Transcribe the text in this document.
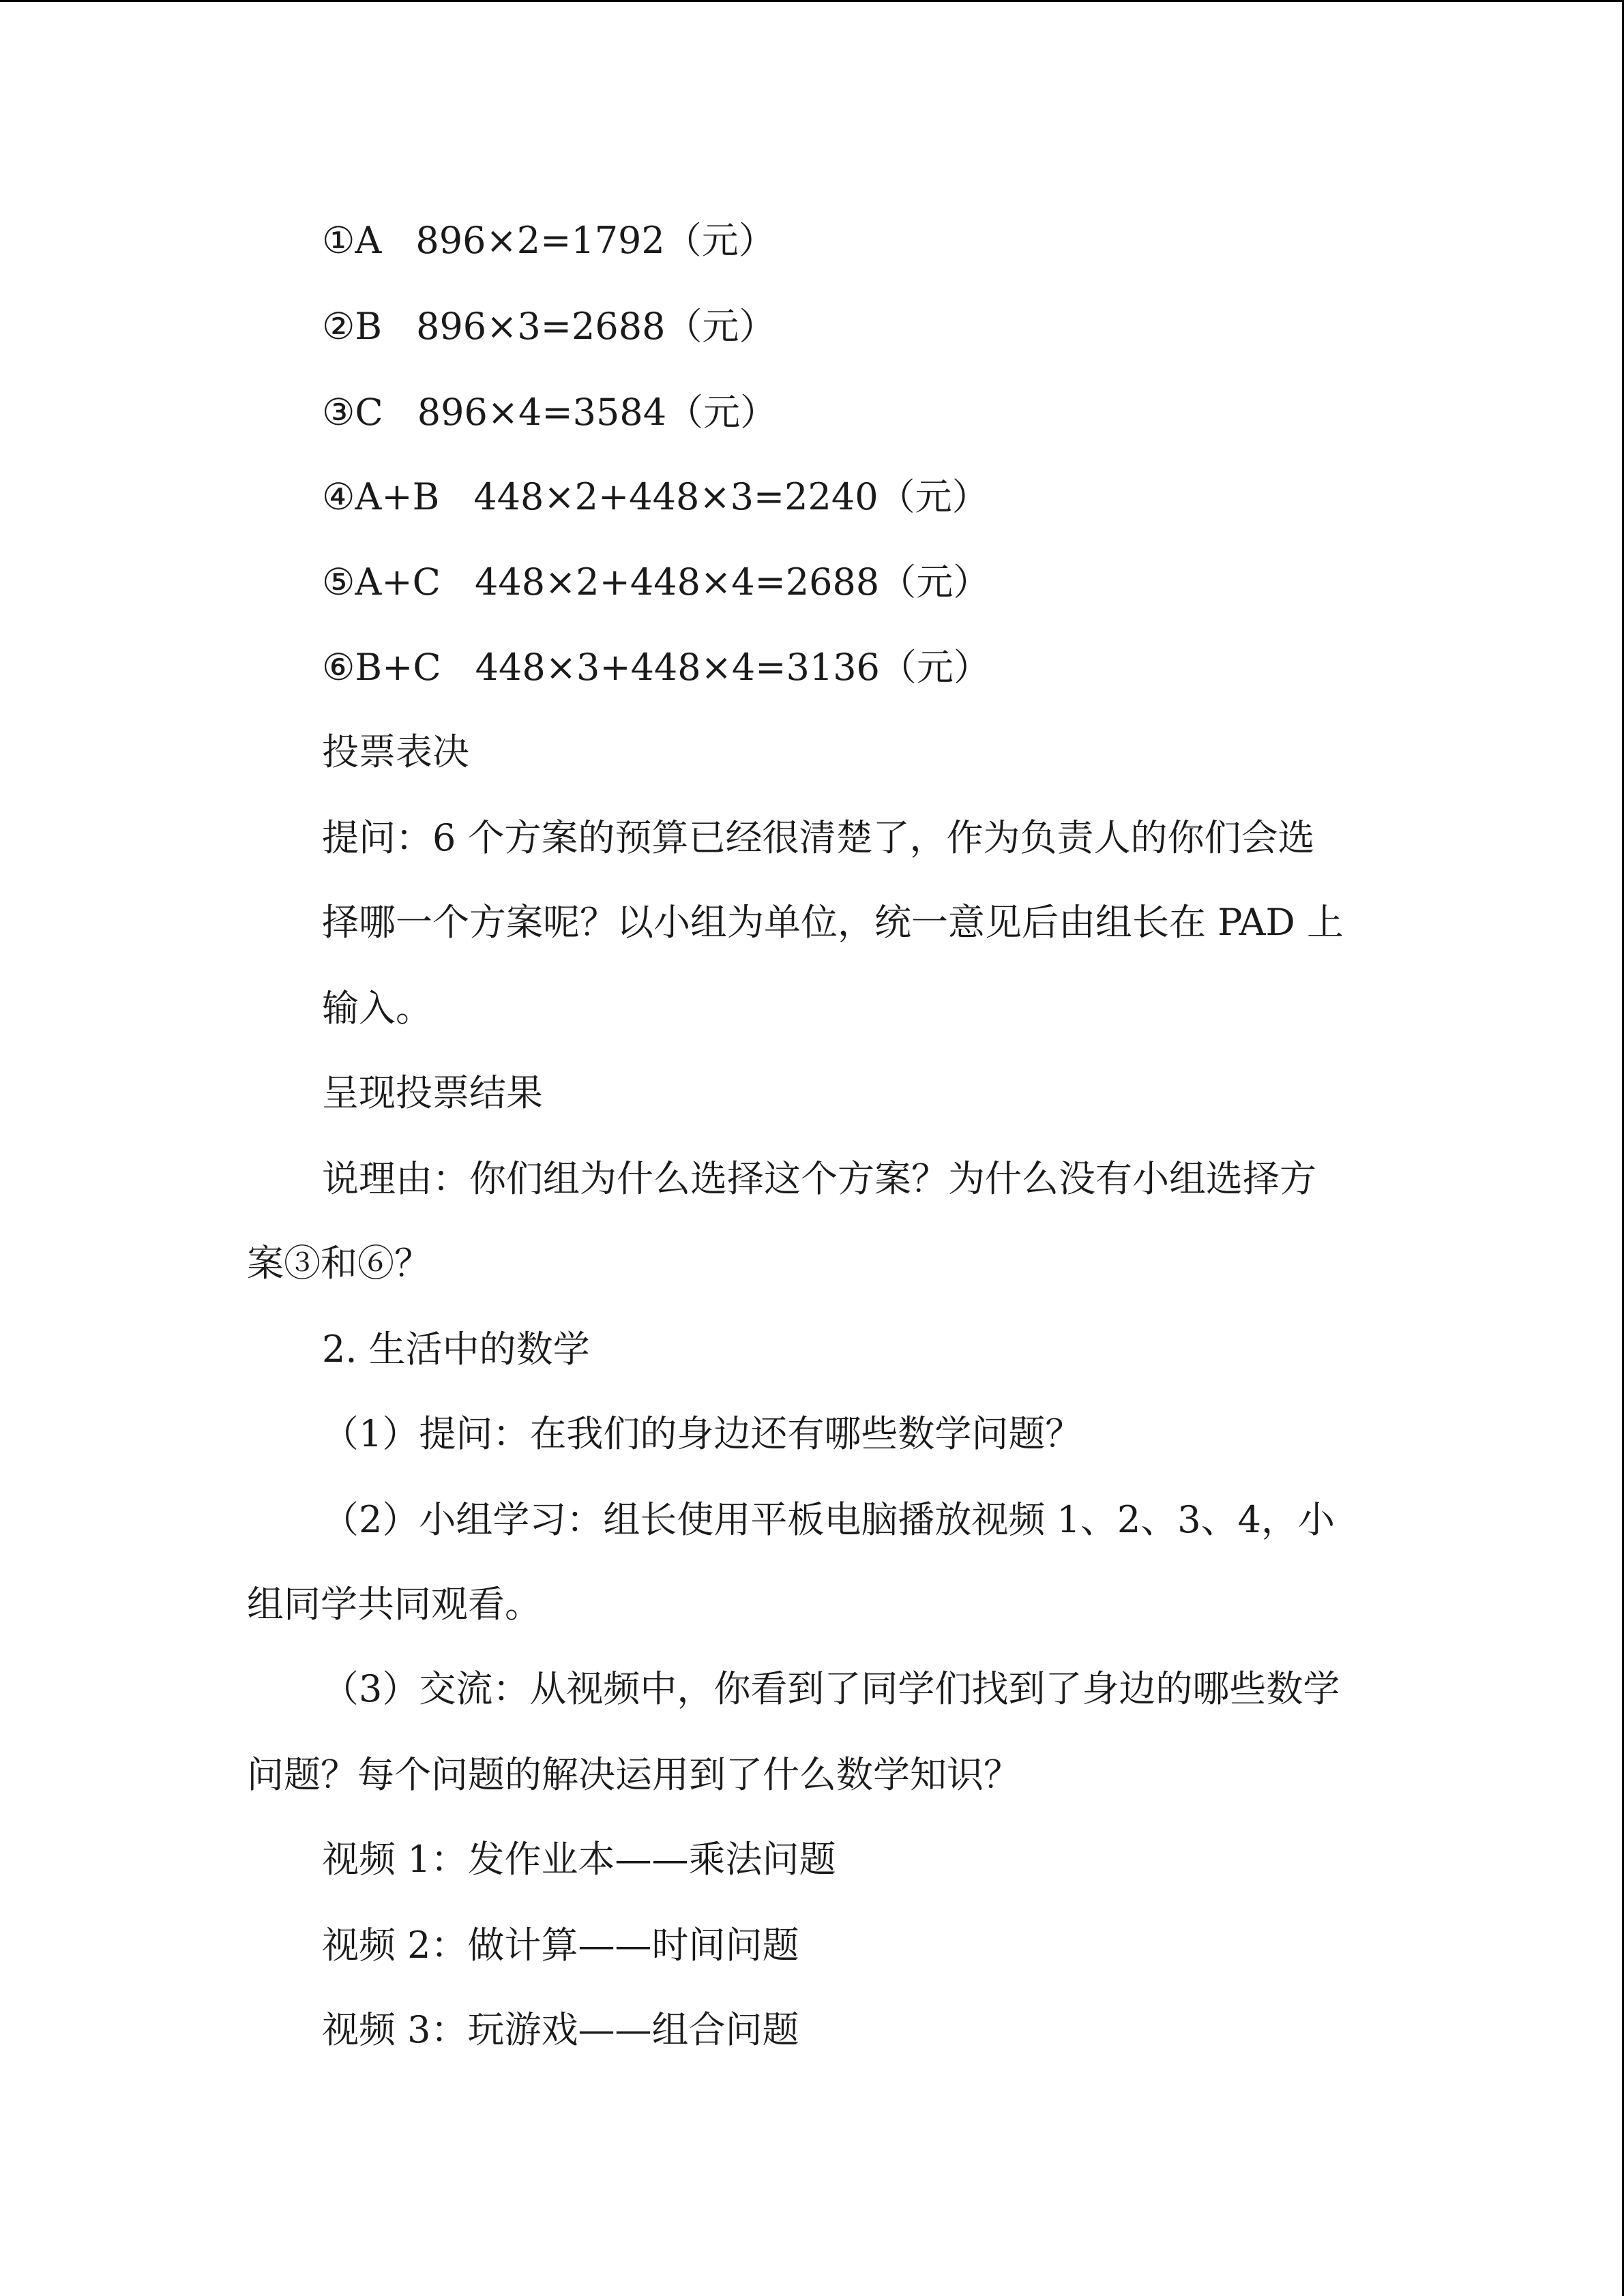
①A 896×2=1792（元）
②B 896×3=2688（元）
③C 896×4=3584（元）
④A+B 448×2+448×3=2240（元）
⑤A+C 448×2+448×4=2688（元）
⑥B+C 448×3+448×4=3136（元）
投票表决
提问：6 个方案的预算已经很清楚了，作为负责人的你们会选
择哪一个方案呢？以小组为单位，统一意见后由组长在 PAD 上
输入。
呈现投票结果
说理由：你们组为什么选择这个方案？为什么没有小组选择方
案③和⑥？
2. 生活中的数学
（1）提问：在我们的身边还有哪些数学问题？
（2）小组学习：组长使用平板电脑播放视频 1、2、3、4，小
组同学共同观看。
（3）交流：从视频中，你看到了同学们找到了身边的哪些数学
问题？每个问题的解决运用到了什么数学知识？
视频 1：发作业本——乘法问题
视频 2：做计算——时间问题
视频 3：玩游戏——组合问题
